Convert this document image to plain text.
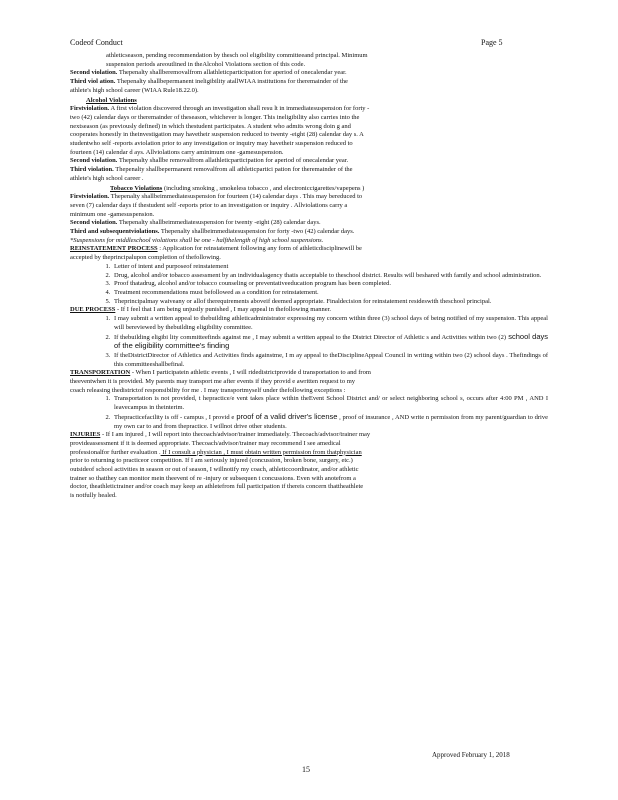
Codeof Conduct	Page 5

athleticseason, pending recommendation by thesch ool eligibility committeeand principal. Minimum

suspension periods areoutlined in theAlcohol Violations section of this code.

Second violation. Thepenalty shallberemovalfrom allathleticparticipation for aperiod of onecalendar year.

Third viol ation. Thepenalty shallbepermanent ineligibility atallWIAA institutions for theremainder of the

athlete's high school career (WIAA Rule18.22.0).

Alcohol Violations

Firstviolation. A first violation discovered through an investigation shall resu lt in immediatesuspension for forty -

two (42) calendar days or theremainder of theseason, whichever is longer. This ineligibility also carries into the

nextseason (as previously defined) in which thestudent participates. A student who admits wrong doin g and

cooperates honestly in theinvestigation may havetheir suspension reduced to twenty -eight (28) calendar day s. A

studentwho self -reports aviolation prior to any investigation or inquiry may havetheir suspension reduced to

fourteen (14) calendar d ays. Allviolations carry aminimum one -gamesuspension.

Second violation. Thepenalty shallbe removalfrom allathleticparticipation for aperiod of onecalendar year.

Third violation. Thepenalty shallbepermanent removalfrom all athleticpartici pation for theremainder of the

athlete's high school career .

Tobacco Violations (including smoking , smokeless tobacco , and electroniccigarettes/vapepens )

Firstviolation. Thepenalty shallbeimmediatesuspension for fourteen (14) calendar days . This may bereduced to

seven (7) calendar days if thestudent self -reports prior to an investigation or inquiry . Allviolations carry a

minimum one -gamesuspension.

Second violation. Thepenalty shallbeimmediatesuspension for twenty -eight (28) calendar days.

Third and subsequentviolations. Thepenalty shallbeimmediatesuspension for forty -two (42) calendar days.

*Suspensions for middleschool violations shall be one - halfthelength of high school suspensions.

REINSTATEMENT PROCESS : Application for reinstatement following any form of athleticdisciplinewill be

accepted by theprincipalupon completion of thefollowing.

1. Letter of intent and purposeof reinstatement
2. Drug, alcohol and/or tobacco assessment by an individualagency thatis acceptable to theschool district. Results will beshared with family and school administration.
3. Proof thatadrug, alcohol and/or tobacco counseling or preventativeeducation program has been completed.
4. Treatment recommendations must befollowed as a condition for reinstatement.
5. Theprincipalmay waiveany or allof therequirements aboveif deemed appropriate. Finaldecision for reinstatement resideswith theschool principal.

DUE PROCESS - If I feel that I am being unjustly punished , I may appeal in thefollowing manner.

1. I may submit a written appeal to thebuilding athleticadministrator expressing my concern within three (3) school days of being notified of my suspension. This appeal will bereviewed by thebuilding eligibility committee.
2. If thebuilding eligibi lity committeefinds against me , I may submit a written appeal to the District Director of Athletic s and Activities within two (2) school days of the eligibility committee's finding
3. If theDistrictDirector of Athletics and Activities finds againstme, I m ay appeal to theDisciplineAppeal Council in writing within two (2) school days . Thefindings of this committeeshallbefinal.

TRANSPORTATION - When I participatein athletic events , I will ridedistrictprovide d transportation to and from

theeventwhen it is provided. My parents may transport me after events if they provid e awritten request to my

coach releasing thedistrictof responsibility for me . I may transportmyself under thefollowing exceptions :

1. Transportation is not provided, t hepractice/e vent takes place within theEvent School District and/ or select neighboring school s, occurs after 4:00 PM , AND I leavecampus in theinterim.
2. Thepracticefacility is off - campus , I provid e proof of a valid driver's license , proof of insurance , AND write n permission from my parent/guardian to drive my own car to and from thepractice. I willnot drive other students.

INJURIES - If I am injured , I will report into thecoach/advisor/trainer immediately. Thecoach/advisor/trainer may

provideassessment if it is deemed appropriate. Thecoach/advisor/trainer may recommend I see amedical

professionalfor further evaluation . If I consult a physician , I must obtain written permission from thatphysician

prior to returning to practiceor competition. If I am seriously injured (concussion, broken bone, surgery, etc.)

outsideof school activities in season or out of season, I willnotify my coach, athleticcoordinator, and/or athletic

trainer so thatthey can monitor mein theevent of re -injury or subsequen t concussions. Even with anotefrom a

doctor, theathletictrainer and/or coach may keep an athletefrom full participation if thereis concern thattheathlete

is notfully healed.

Approved February 1, 2018
15
